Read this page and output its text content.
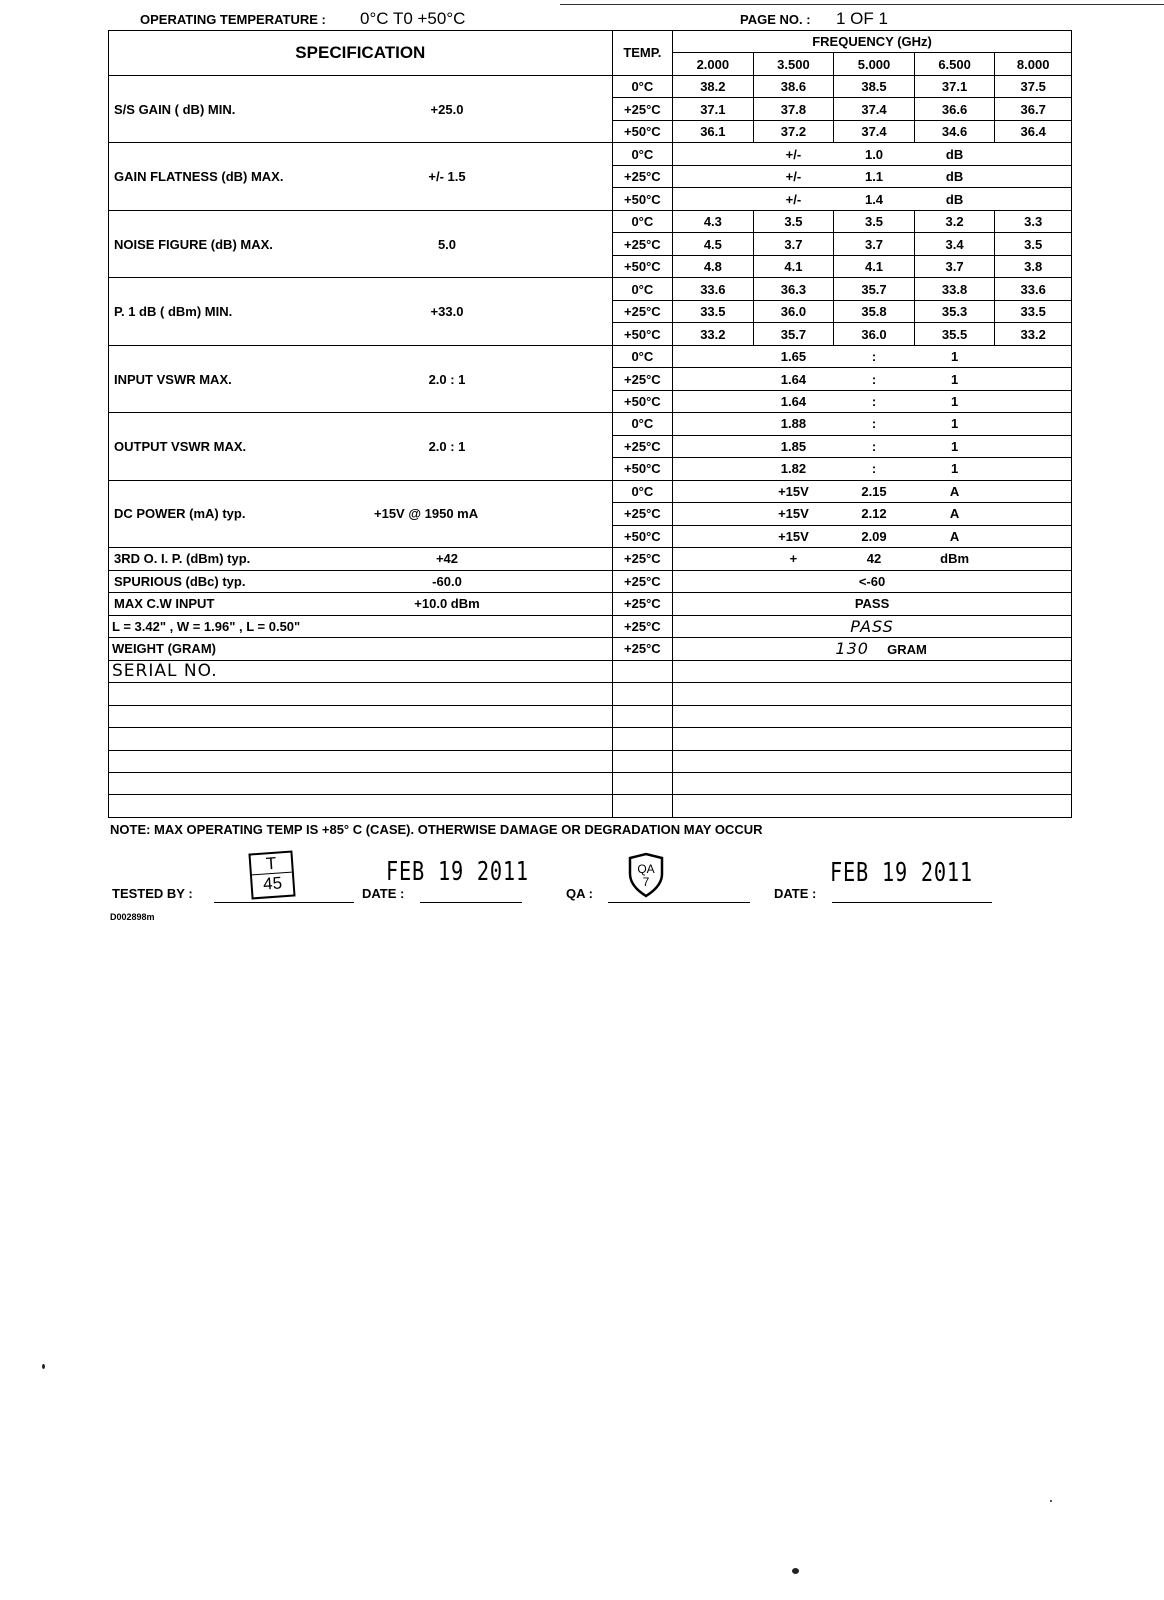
OPERATING TEMPERATURE : 0°C T0 +50°C	PAGE NO. : 1 OF 1
SPECIFICATION	TEMP.	FREQUENCY (GHz)				
		2.000	3.500	5.000	6.500	8.000
S/S GAIN ( dB) MIN. +25.0	0°C	38.2	38.6	38.5	37.1	37.5
	+25°C	37.1	37.8	37.4	36.6	36.7
	+50°C	36.1	37.2	37.4	34.6	36.4
GAIN FLATNESS (dB) MAX. +/- 1.5	0°C		+/-	1.0	dB	
	+25°C		+/-	1.1	dB	
	+50°C		+/-	1.4	dB	
NOISE FIGURE (dB) MAX. 5.0	0°C	4.3	3.5	3.5	3.2	3.3
	+25°C	4.5	3.7	3.7	3.4	3.5
	+50°C	4.8	4.1	4.1	3.7	3.8
P. 1 dB ( dBm) MIN. +33.0	0°C	33.6	36.3	35.7	33.8	33.6
	+25°C	33.5	36.0	35.8	35.3	33.5
	+50°C	33.2	35.7	36.0	35.5	33.2
INPUT VSWR MAX. 2.0 : 1	0°C		1.65	:	1	
	+25°C		1.64	:	1	
	+50°C		1.64	:	1	
OUTPUT VSWR MAX. 2.0 : 1	0°C		1.88	:	1	
	+25°C		1.85	:	1	
	+50°C		1.82	:	1	
DC POWER (mA) typ. +15V @ 1950 mA	0°C		+15V	2.15	A	
	+25°C		+15V	2.12	A	
	+50°C		+15V	2.09	A	
3RD O. I. P. (dBm) typ. +42	+25°C		+	42	dBm	
SPURIOUS (dBc) typ. -60.0	+25°C	<-60				
MAX C.W INPUT +10.0 dBm	+25°C	PASS				
L = 3.42" , W = 1.96" , L = 0.50"	+25°C	PASS				
WEIGHT (GRAM)	+25°C	130 GRAM				
SERIAL NO.						

NOTE: MAX OPERATING TEMP IS +85° C (CASE). OTHERWISE DAMAGE OR DEGRADATION MAY OCCUR
TESTED BY :
T
45	FEB 19 2011
DATE :	QA :
QA
7	FEB 19 2011
DATE :
D002898m
